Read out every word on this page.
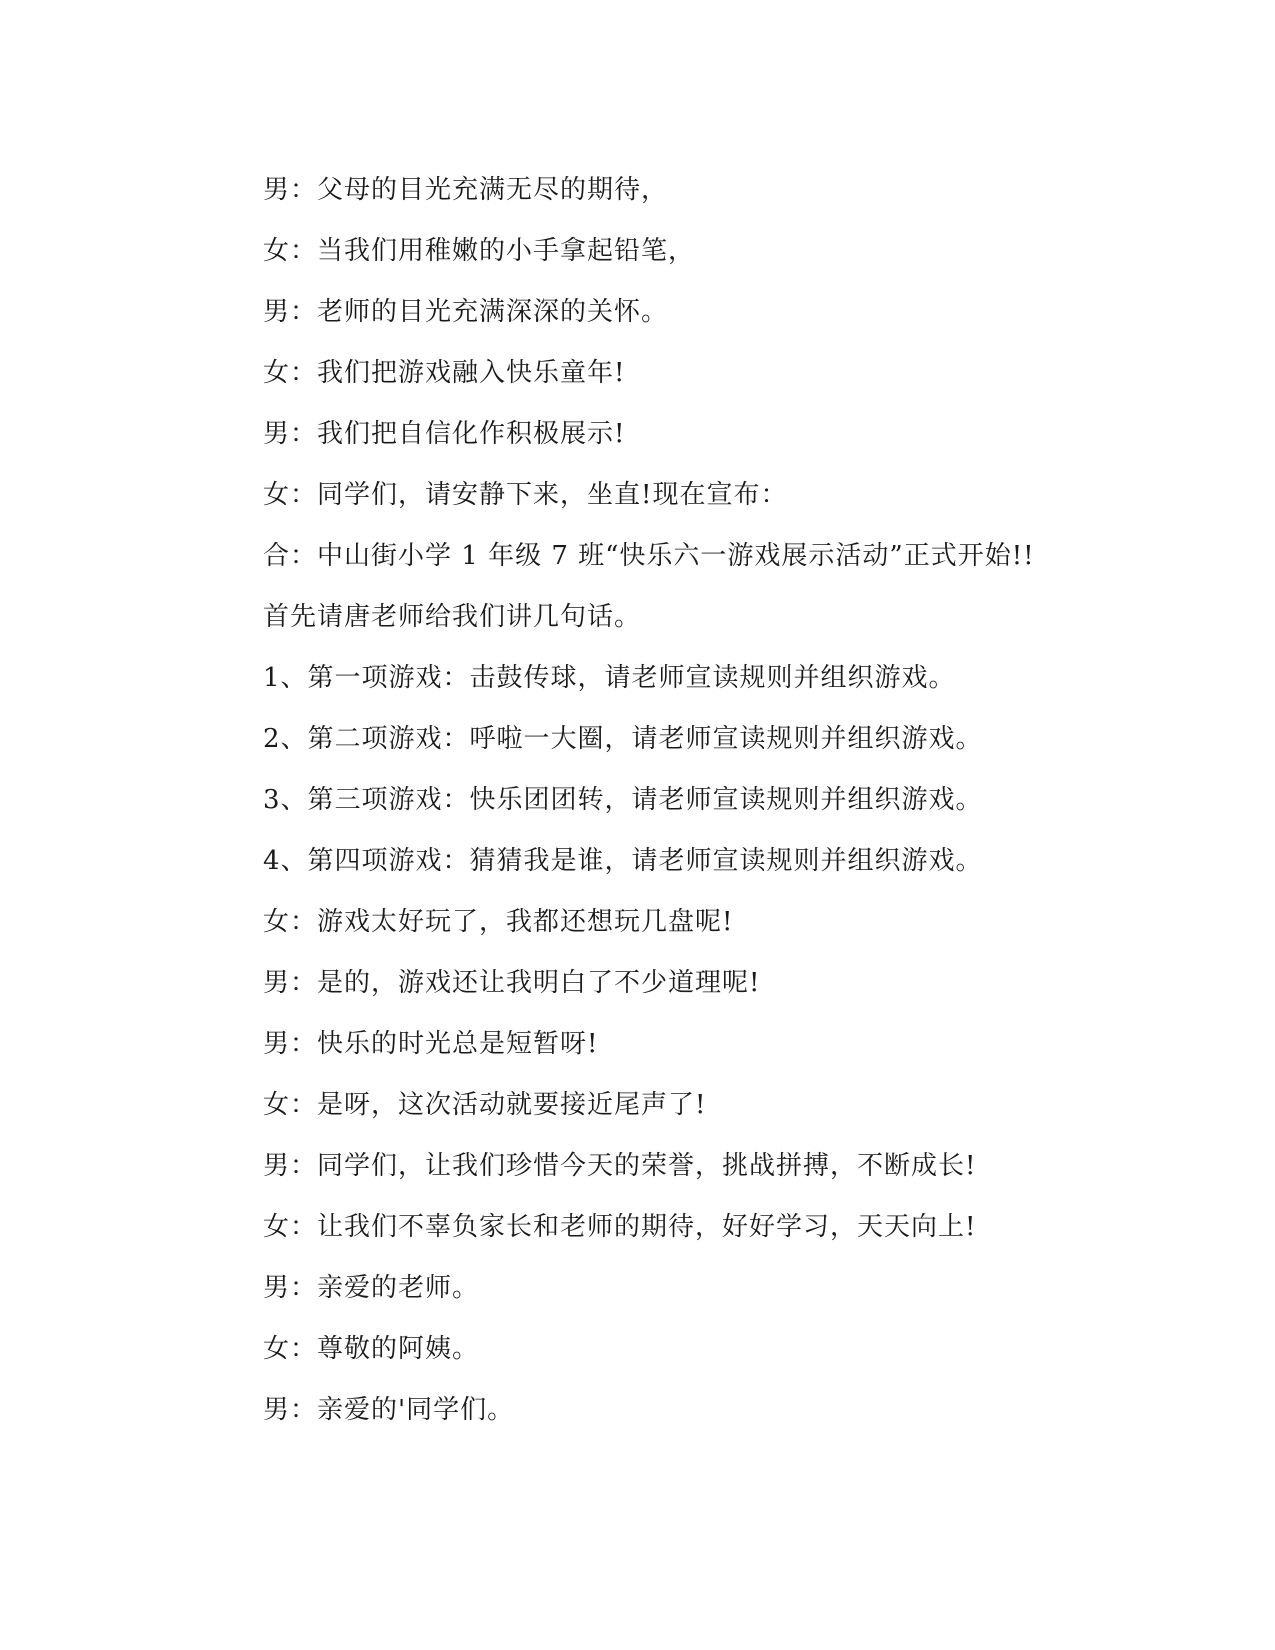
男：父母的目光充满无尽的期待，
女：当我们用稚嫩的小手拿起铅笔，
男：老师的目光充满深深的关怀。
女：我们把游戏融入快乐童年!
男：我们把自信化作积极展示!
女：同学们，请安静下来，坐直!现在宣布：
合：中山街小学 1 年级 7 班“快乐六一游戏展示活动”正式开始!!
首先请唐老师给我们讲几句话。
1、第一项游戏：击鼓传球，请老师宣读规则并组织游戏。
2、第二项游戏：呼啦一大圈，请老师宣读规则并组织游戏。
3、第三项游戏：快乐团团转，请老师宣读规则并组织游戏。
4、第四项游戏：猜猜我是谁，请老师宣读规则并组织游戏。
女：游戏太好玩了，我都还想玩几盘呢!
男：是的，游戏还让我明白了不少道理呢!
男：快乐的时光总是短暂呀!
女：是呀，这次活动就要接近尾声了!
男：同学们，让我们珍惜今天的荣誉，挑战拼搏，不断成长!
女：让我们不辜负家长和老师的期待，好好学习，天天向上!
男：亲爱的老师。
女：尊敬的阿姨。
男：亲爱的'同学们。
